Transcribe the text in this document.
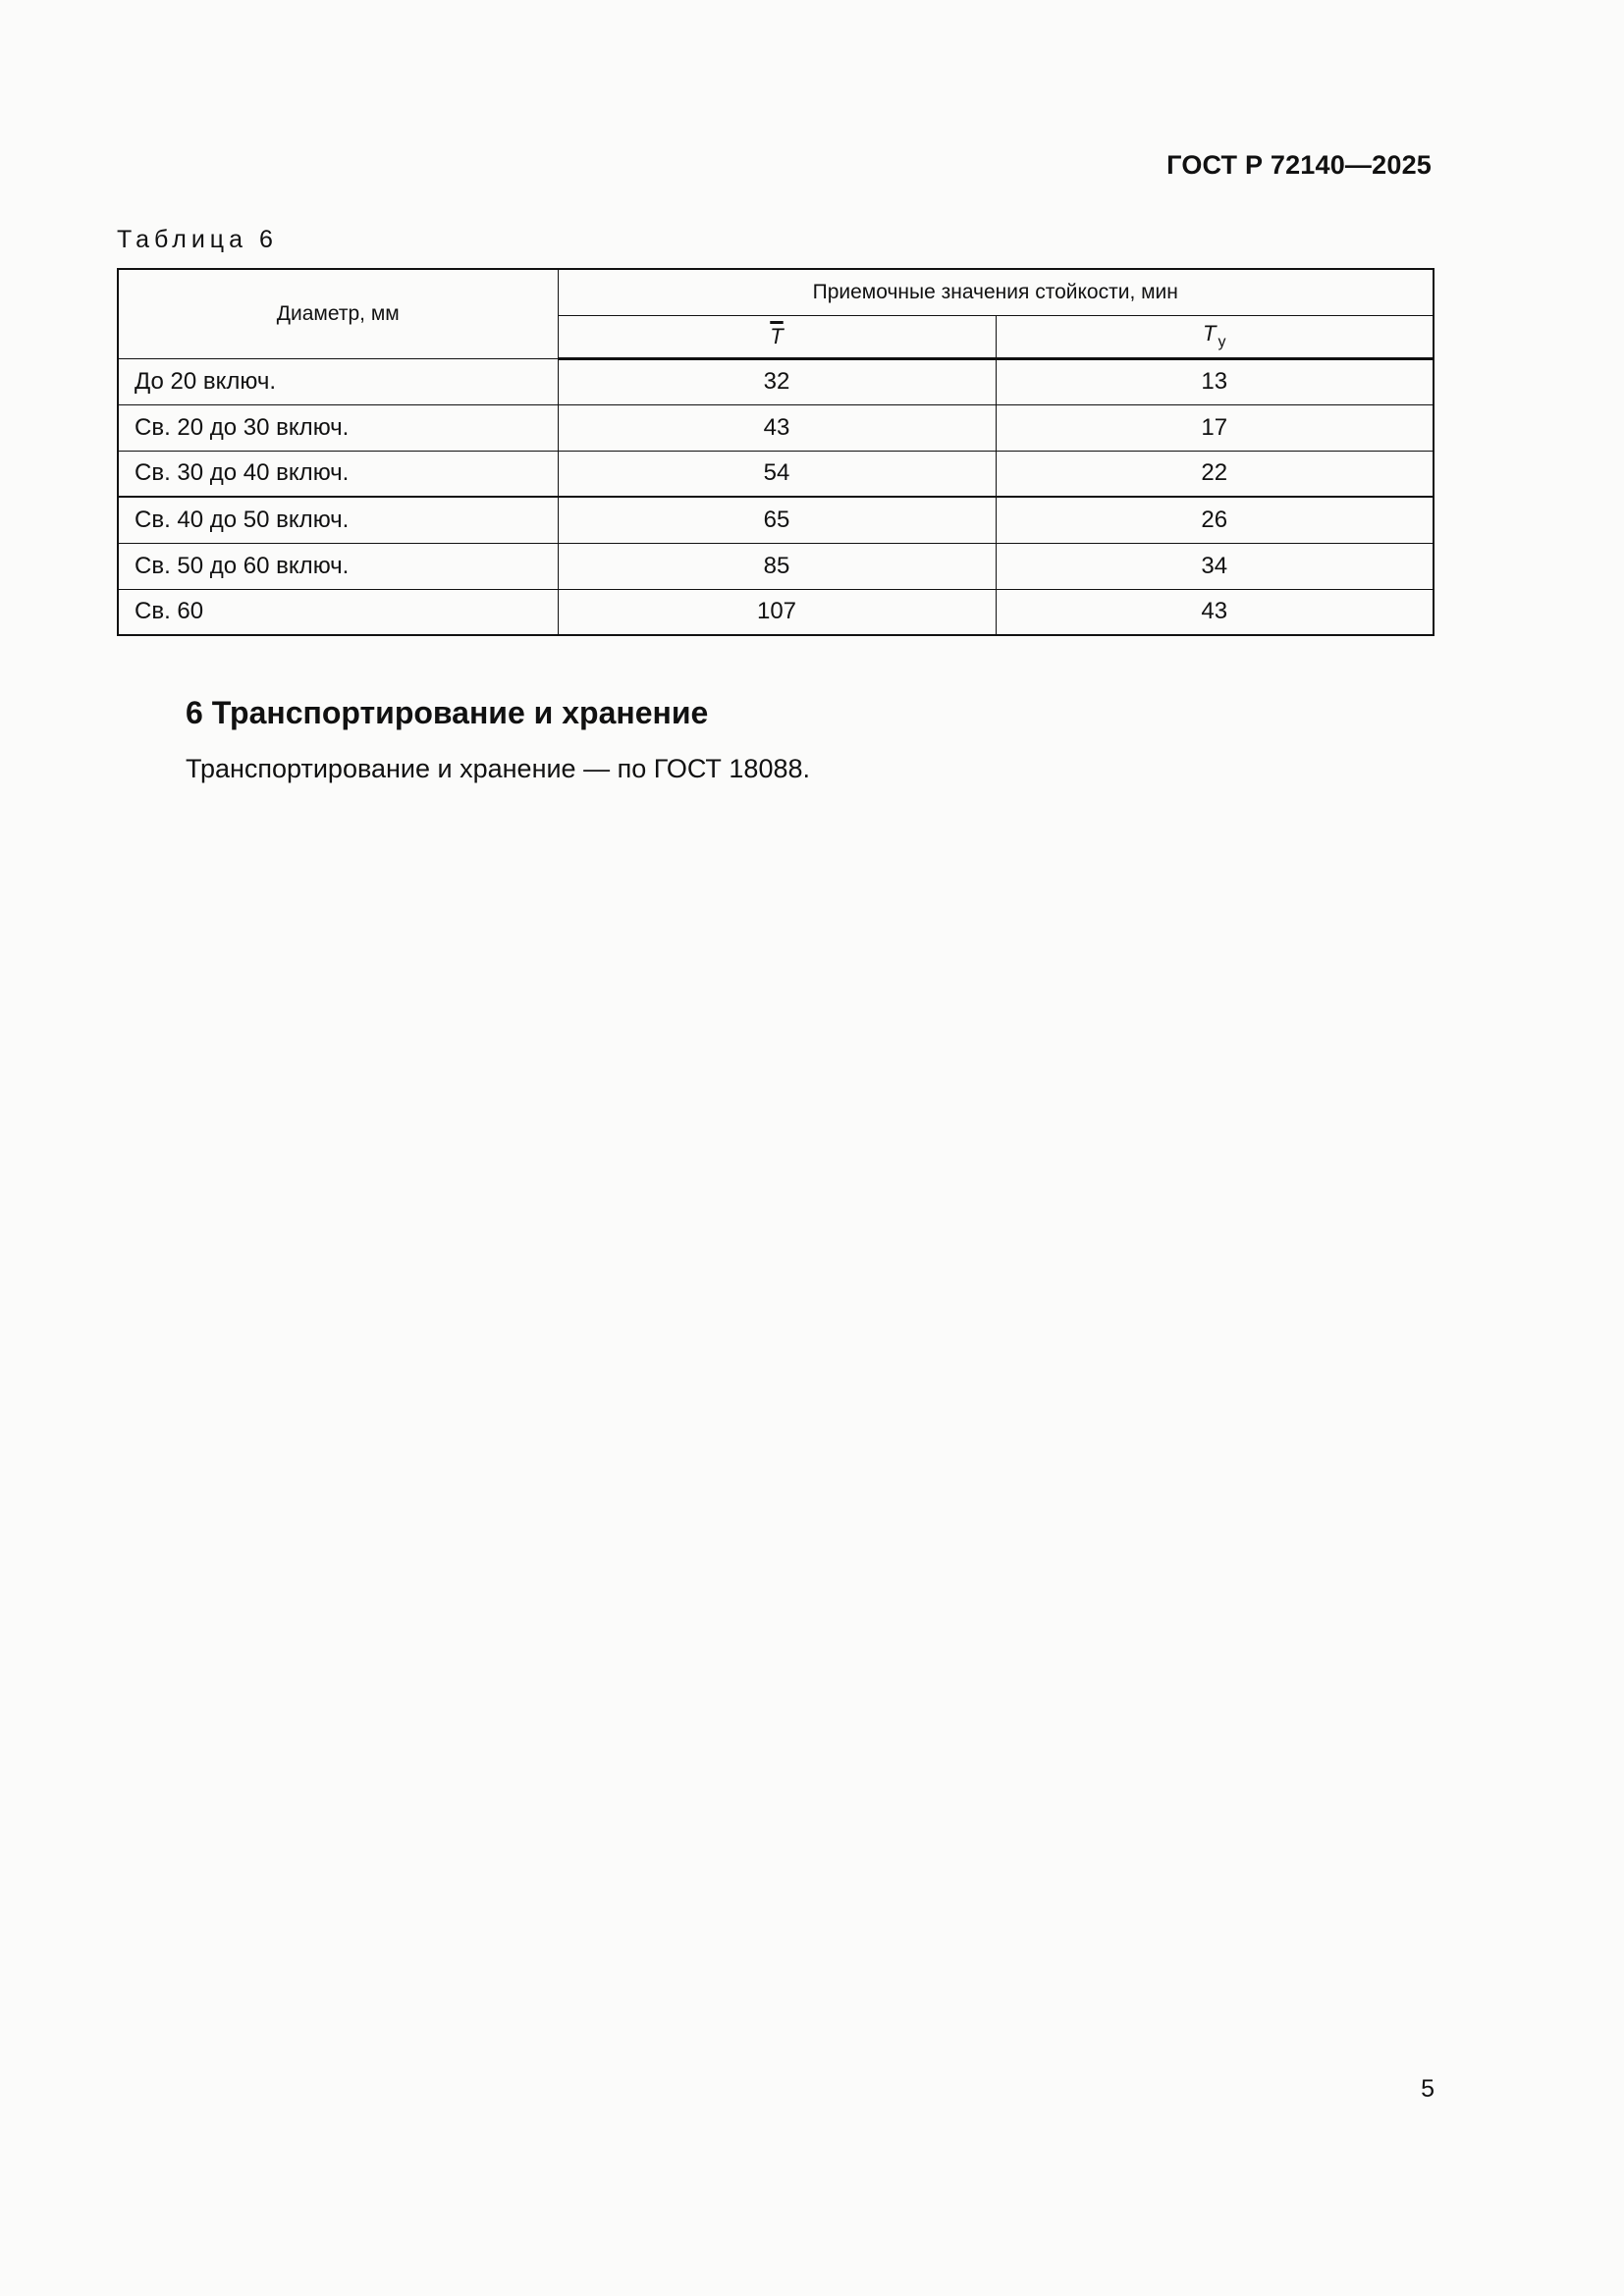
ГОСТ Р 72140—2025
Таблица 6
Диаметр, мм	Приемочные значения стойкости, мин	
	$\overline{T}$	T $_у$
До 20 включ.	32	13
Св. 20 до 30 включ.	43	17
Св. 30 до 40 включ.	54	22
Св. 40 до 50 включ.	65	26
Св. 50 до 60 включ.	85	34
Св. 60	107	43
6 Транспортирование и хранение
Транспортирование и хранение — по ГОСТ 18088.
5
